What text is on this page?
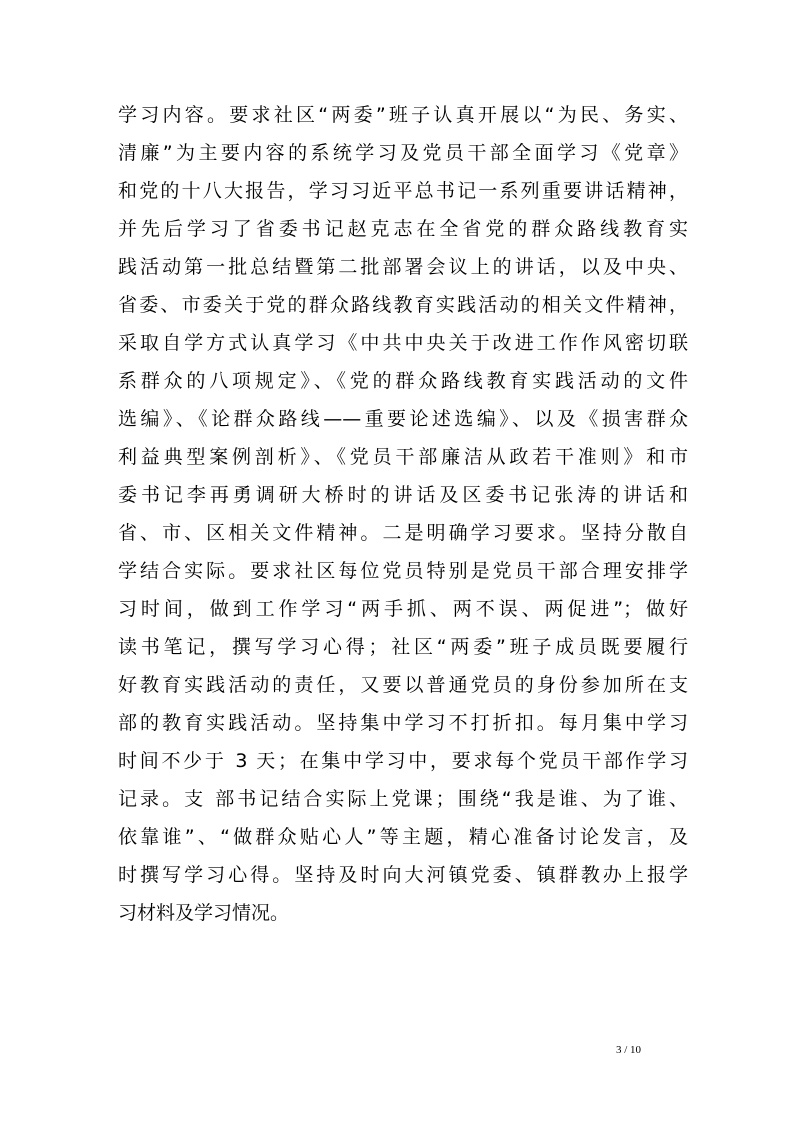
学习内容。要求社区“两委”班子认真开展以“为民、务实、
清廉”为主要内容的系统学习及党员干部全面学习《党章》
和党的十八大报告，学习习近平总书记一系列重要讲话精神，
并先后学习了省委书记赵克志在全省党的群众路线教育实
践活动第一批总结暨第二批部署会议上的讲话，以及中央、
省委、市委关于党的群众路线教育实践活动的相关文件精神，
采取自学方式认真学习《中共中央关于改进工作作风密切联
系群众的八项规定》、《党的群众路线教育实践活动的文件
选编》、《论群众路线——重要论述选编》、以及《损害群众
利益典型案例剖析》、《党员干部廉洁从政若干准则》和市
委书记李再勇调研大桥时的讲话及区委书记张涛的讲话和
省、市、区相关文件精神。二是明确学习要求。坚持分散自
学结合实际。要求社区每位党员特别是党员干部合理安排学
习时间，做到工作学习“两手抓、两不误、两促进”；做好
读书笔记，撰写学习心得；社区“两委”班子成员既要履行
好教育实践活动的责任，又要以普通党员的身份参加所在支
部的教育实践活动。坚持集中学习不打折扣。每月集中学习
时间不少于 3 天；在集中学习中，要求每个党员干部作学习
记录。支 部书记结合实际上党课；围绕“我是谁、为了谁、
依靠谁”、“做群众贴心人”等主题，精心准备讨论发言，及
时撰写学习心得。坚持及时向大河镇党委、镇群教办上报学
习材料及学习情况。
3 / 10
